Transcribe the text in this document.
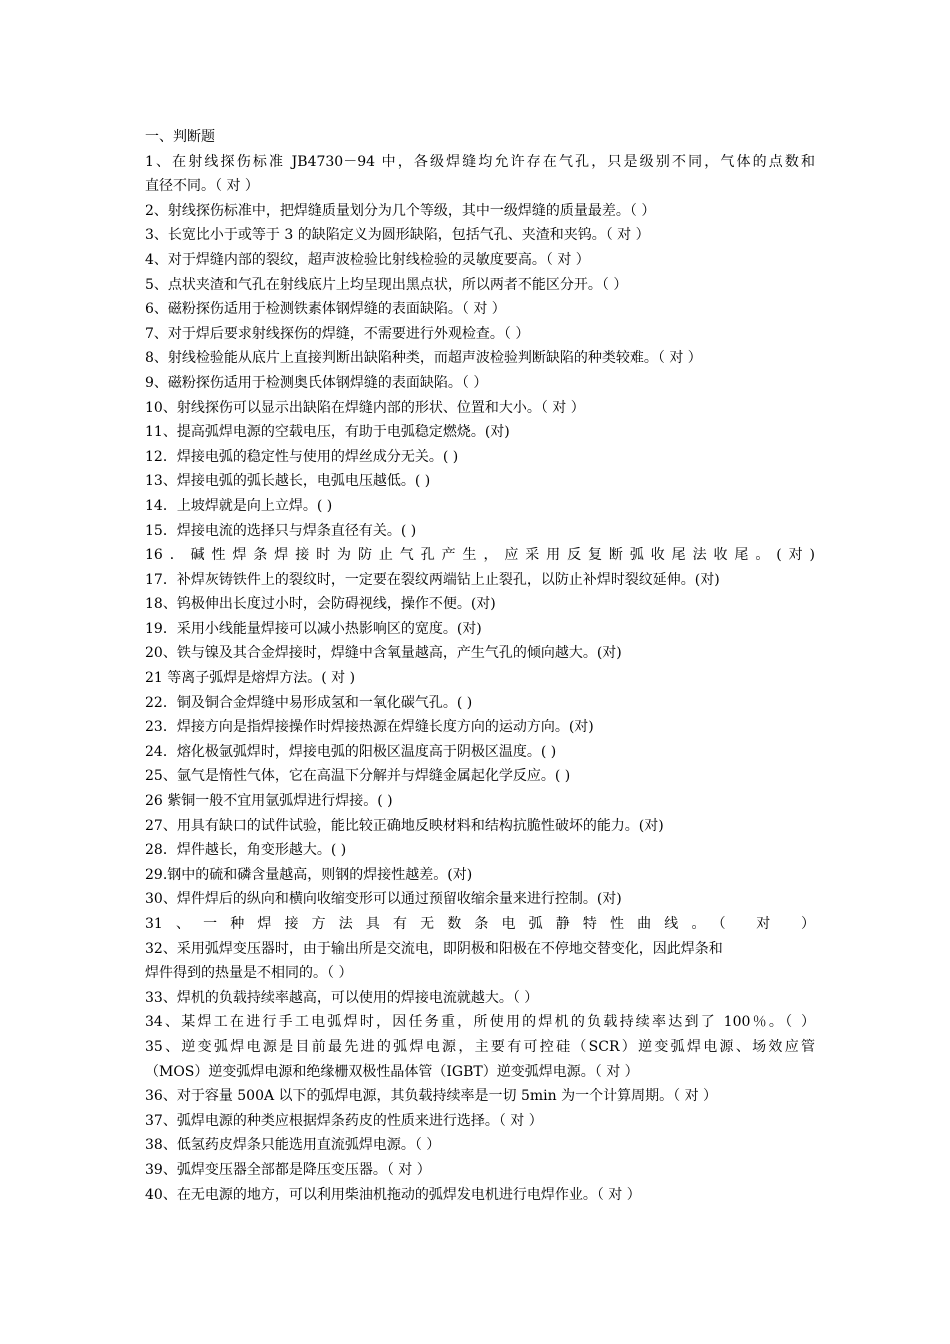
一、判断题
1、在射线探伤标准 JB4730－94 中，各级焊缝均允许存在气孔，只是级别不同，气体的点数和
直径不同。（ 对 ）
2、射线探伤标准中，把焊缝质量划分为几个等级，其中一级焊缝的质量最差。（ ）
3、长宽比小于或等于 3 的缺陷定义为圆形缺陷，包括气孔、夹渣和夹钨。（ 对 ）
4、对于焊缝内部的裂纹，超声波检验比射线检验的灵敏度要高。（ 对 ）
5、点状夹渣和气孔在射线底片上均呈现出黑点状，所以两者不能区分开。（ ）
6、磁粉探伤适用于检测铁素体钢焊缝的表面缺陷。（ 对 ）
7、对于焊后要求射线探伤的焊缝，不需要进行外观检查。（ ）
8、射线检验能从底片上直接判断出缺陷种类，而超声波检验判断缺陷的种类较难。（ 对 ）
9、磁粉探伤适用于检测奥氏体钢焊缝的表面缺陷。（ ）
10、射线探伤可以显示出缺陷在焊缝内部的形状、位置和大小。（ 对 ）
11、提高弧焊电源的空载电压，有助于电弧稳定燃烧。(对)
12．焊接电弧的稳定性与使用的焊丝成分无关。( )
13、焊接电弧的弧长越长，电弧电压越低。( )
14．上坡焊就是向上立焊。( )
15．焊接电流的选择只与焊条直径有关。( )
16．碱性焊条焊接时为防止气孔产生，应采用反复断弧收尾法收尾。(对)
17．补焊灰铸铁件上的裂纹时，一定要在裂纹两端钻上止裂孔，以防止补焊时裂纹延伸。(对)
18、钨极伸出长度过小时，会防碍视线，操作不便。(对)
19．采用小线能量焊接可以减小热影响区的宽度。(对)
20、铁与镍及其合金焊接时，焊缝中含氧量越高，产生气孔的倾向越大。(对)
21 等离子弧焊是熔焊方法。( 对 )
22．铜及铜合金焊缝中易形成氢和一氧化碳气孔。( )
23．焊接方向是指焊接操作时焊接热源在焊缝长度方向的运动方向。(对)
24．熔化极氩弧焊时，焊接电弧的阳极区温度高于阴极区温度。( )
25、氩气是惰性气体，它在高温下分解并与焊缝金属起化学反应。( )
26 紫铜一般不宜用氩弧焊进行焊接。( )
27、用具有缺口的试件试验，能比较正确地反映材料和结构抗脆性破坏的能力。(对)
28．焊件越长，角变形越大。( )
29.钢中的硫和磷含量越高，则钢的焊接性越差。(对)
30、焊件焊后的纵向和横向收缩变形可以通过预留收缩余量来进行控制。(对)
31、一种焊接方法具有无数条电弧静特性曲线。（ 对 ）
32、采用弧焊变压器时，由于输出所是交流电，即阴极和阳极在不停地交替变化，因此焊条和
焊件得到的热量是不相同的。（ ）
33、焊机的负载持续率越高，可以使用的焊接电流就越大。（ ）
34、某焊工在进行手工电弧焊时，因任务重，所使用的焊机的负载持续率达到了 100％。（ ）
35、逆变弧焊电源是目前最先进的弧焊电源，主要有可控硅（SCR）逆变弧焊电源、场效应管
（MOS）逆变弧焊电源和绝缘栅双极性晶体管（IGBT）逆变弧焊电源。（ 对 ）
36、对于容量 500A 以下的弧焊电源，其负载持续率是一切 5min 为一个计算周期。（ 对 ）
37、弧焊电源的种类应根据焊条药皮的性质来进行选择。（ 对 ）
38、低氢药皮焊条只能选用直流弧焊电源。（ ）
39、弧焊变压器全部都是降压变压器。（ 对 ）
40、在无电源的地方，可以利用柴油机拖动的弧焊发电机进行电焊作业。（ 对 ）
